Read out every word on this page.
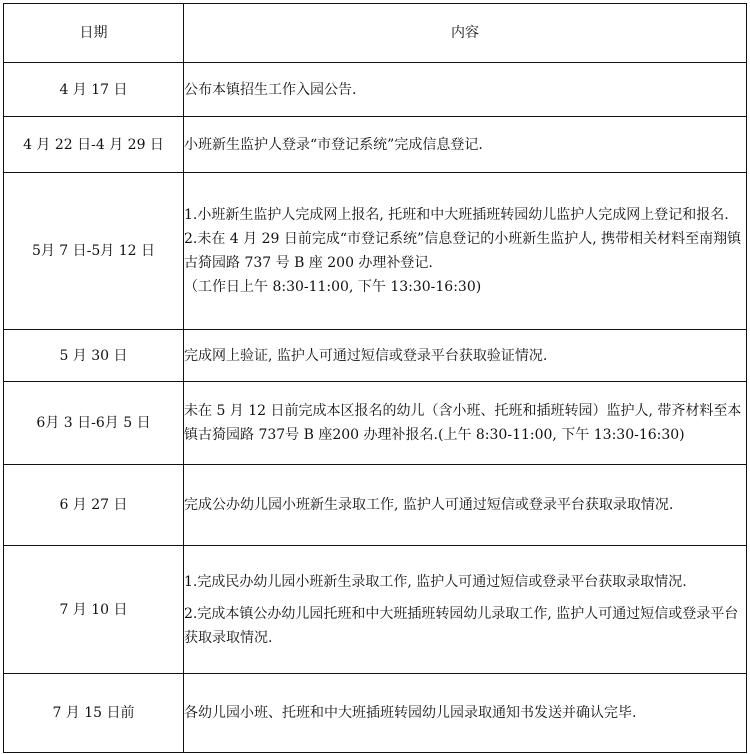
日期	内容
4 月 17 日	公布本镇招生工作入园公告.

4 月 22 日-4 月 29 日	小班新生监护人登录“市登记系统”完成信息登记.

5月 7 日-5月 12 日	1.小班新生监护人完成网上报名, 托班和中大班插班转园幼儿监护人完成网上登记和报名.
2.未在 4 月 29 日前完成“市登记系统”信息登记的小班新生监护人, 携带相关材料至南翔镇古猗园路 737 号 B 座 200 办理补登记.
（工作日上午 8:30-11:00, 下午 13:30-16:30)

5 月 30 日	完成网上验证, 监护人可通过短信或登录平台获取验证情况.

6月 3 日-6月 5 日	未在 5 月 12 日前完成本区报名的幼儿（含小班、托班和插班转园）监护人, 带齐材料至本镇古猗园路 737号 B 座200 办理补报名.(上午 8:30-11:00, 下午 13:30-16:30)

6 月 27 日	完成公办幼儿园小班新生录取工作, 监护人可通过短信或登录平台获取录取情况.

7 月 10 日	1.完成民办幼儿园小班新生录取工作, 监护人可通过短信或登录平台获取录取情况.
2.完成本镇公办幼儿园托班和中大班插班转园幼儿录取工作, 监护人可通过短信或登录平台获取录取情况.

7 月 15 日前	各幼儿园小班、托班和中大班插班转园幼儿园录取通知书发送并确认完毕.
